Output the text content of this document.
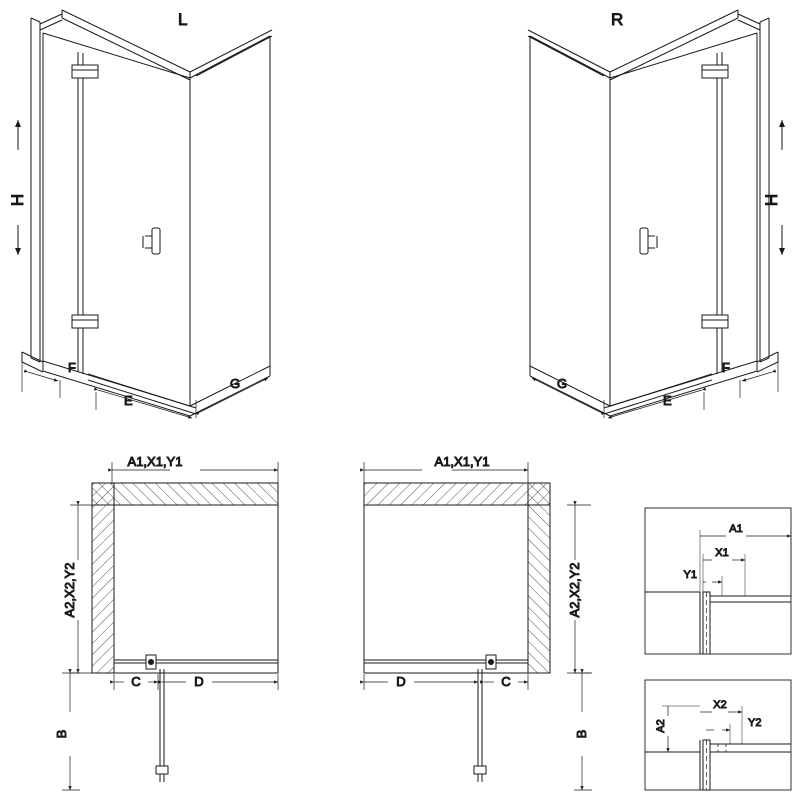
H
F
E
G
L
H
F
E
G
R
A1,X1,Y1
A2,X2,Y2
C	D
B
A1,X1,Y1
A2,X2,Y2
D	C
B
A1
X1
Y1
A2
X2
Y2
